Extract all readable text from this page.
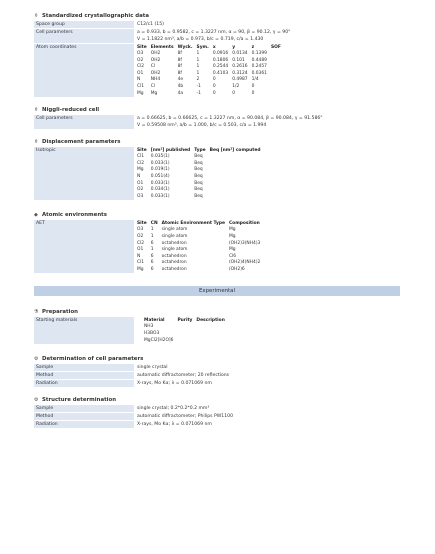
⇳ Standardized crystallographic data
Space group	C12/c1 (15)
Cell parameters	a = 0.933, b = 0.9582, c = 1.3227 nm, α = 90, β = 90.12, γ = 90°
V = 1.1822 nm³, a/b = 0.973, b/c = 0.719, c/a = 1.430
Atom coordinates	Site	Elements	Wyck.	Sym.	x	y	z	SOF
O3	OH2	8f	1	0.0916	0.0134	0.1399	
O2	OH2	8f	1	0.1806	0.101	0.4489	
Cl2	Cl	8f	1	0.2544	0.2616	0.2457	
O1	OH2	8f	1	0.4103	0.3124	0.0361	
N	NH4	4e	2	0	0.4987	1/4	
Cl1	Cl	4b	-1	0	1/2	0	
Mg	Mg	4a	-1	0	0	0	
⇳ Niggli-reduced cell
Cell parameters	a = 0.66625, b = 0.66625, c = 1.3227 nm, α = 90.084, β = 90.084, γ = 91.586°
V = 0.59508 nm³, a/b = 1.000, b/c = 0.503, c/a = 1.994
⇳ Displacement parameters
Isotropic	Site	[nm²] published	Type	Beq [nm²] computed
Cl1	0.035(1)	Beq	
Cl2	0.033(1)	Beq	
Mg	0.019(1)	Beq	
N	0.051(4)	Beq	
O1	0.033(1)	Beq	
O2	0.034(1)	Beq	
O3	0.033(1)	Beq	
◆ Atomic environments
AET	Site	CN	Atomic Environment Type	Composition
O3	1	single atom	Mg
O2	1	single atom	Mg
Cl2	6	octahedron	(OH2)3(NH4)3
O1	1	single atom	Mg
N	6	octahedron	Cl6
Cl1	6	octahedron	(OH2)4(NH4)2
Mg	6	octahedron	(OH2)6
Experimental
⚗ Preparation
Starting materials	Material	Purity	Description
NH3
H3BO3
MgCl2[H2O]6
⚙ Determination of cell parameters
Sample	single crystal
Method	automatic diffractometer; 20 reflections
Radiation	X-rays, Mo Kα; λ = 0.071069 nm
⚙ Structure determination
Sample	single crystal; 0.2*0.2*0.2 mm³
Method	automatic diffractometer; Philips PW1100
Radiation	X-rays, Mo Kα; λ = 0.071069 nm
